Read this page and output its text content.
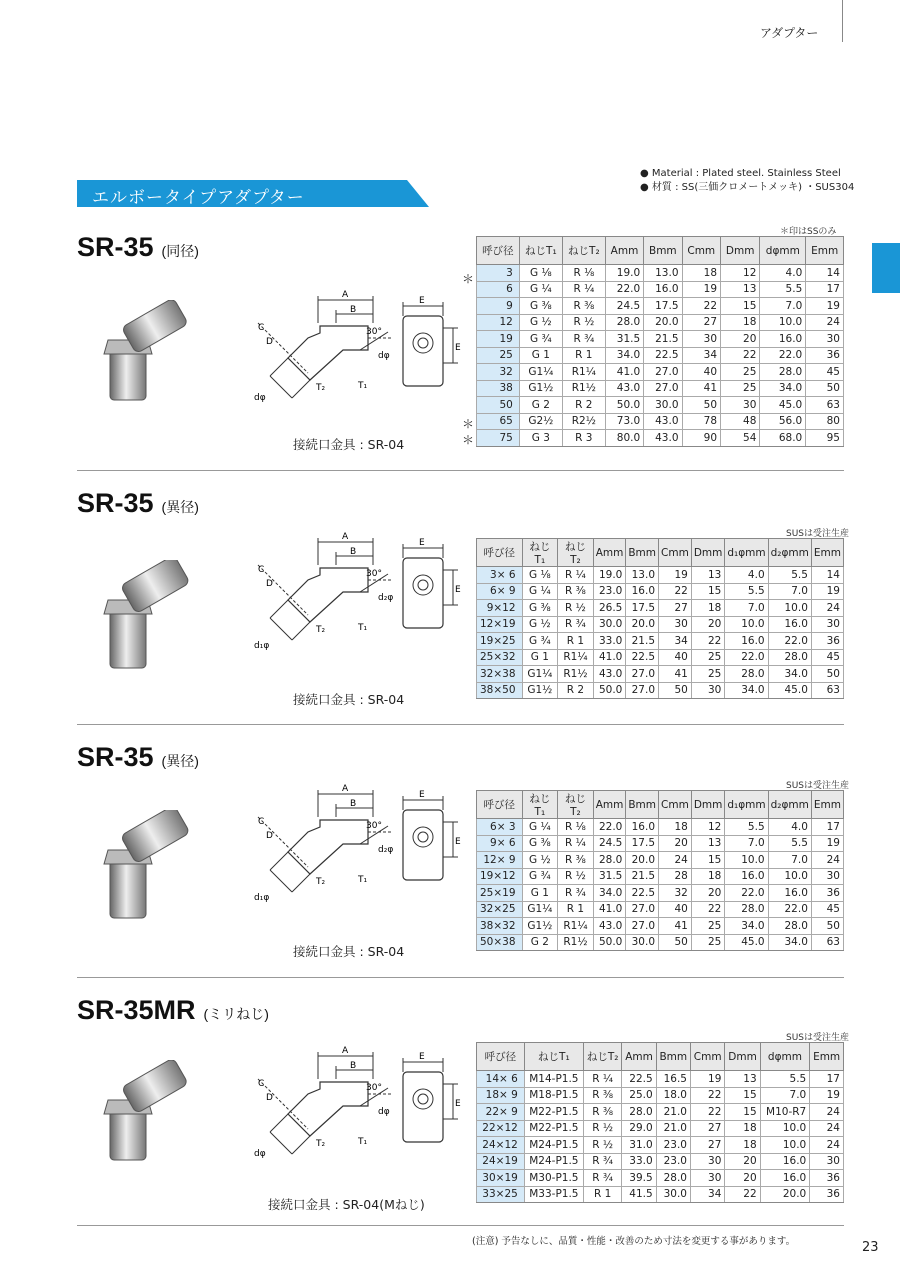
アダプター
エルボータイプアダプター
● Material : Plated steel. Stainless Steel
● 材質 : SS(三価クロメートメッキ) ・SUS304
SR-35 (同径)
＊印はSSのみ
＊
＊
＊
呼び径	ねじT₁	ねじT₂	Amm	Bmm	Cmm	Dmm	dφmm	Emm
3	G ⅛	R ⅛	19.0	13.0	18	12	4.0	14
6	G ¼	R ¼	22.0	16.0	19	13	5.5	17
9	G ⅜	R ⅜	24.5	17.5	22	15	7.0	19
12	G ½	R ½	28.0	20.0	27	18	10.0	24
19	G ¾	R ¾	31.5	21.5	30	20	16.0	30
25	G 1	R 1	34.0	22.5	34	22	22.0	36
32	G1¼	R1¼	41.0	27.0	40	25	28.0	45
38	G1½	R1½	43.0	27.0	41	25	34.0	50
50	G 2	R 2	50.0	30.0	50	30	45.0	63
65	G2½	R2½	73.0	43.0	78	48	56.0	80
75	G 3	R 3	80.0	43.0	90	54	68.0	95
接続口金具 : SR-04
SR-35 (異径)
SUSは受注生産
呼び径	ねじT₁	ねじT₂	Amm	Bmm	Cmm	Dmm	d₁φmm	d₂φmm	Emm
3× 6	G ⅛	R ¼	19.0	13.0	19	13	4.0	5.5	14
6× 9	G ¼	R ⅜	23.0	16.0	22	15	5.5	7.0	19
9×12	G ⅜	R ½	26.5	17.5	27	18	7.0	10.0	24
12×19	G ½	R ¾	30.0	20.0	30	20	10.0	16.0	30
19×25	G ¾	R 1	33.0	21.5	34	22	16.0	22.0	36
25×32	G 1	R1¼	41.0	22.5	40	25	22.0	28.0	45
32×38	G1¼	R1½	43.0	27.0	41	25	28.0	34.0	50
38×50	G1½	R 2	50.0	27.0	50	30	34.0	45.0	63
接続口金具 : SR-04
SR-35 (異径)
SUSは受注生産
呼び径	ねじT₁	ねじT₂	Amm	Bmm	Cmm	Dmm	d₁φmm	d₂φmm	Emm
6× 3	G ¼	R ⅛	22.0	16.0	18	12	5.5	4.0	17
9× 6	G ⅜	R ¼	24.5	17.5	20	13	7.0	5.5	19
12× 9	G ½	R ⅜	28.0	20.0	24	15	10.0	7.0	24
19×12	G ¾	R ½	31.5	21.5	28	18	16.0	10.0	30
25×19	G 1	R ¾	34.0	22.5	32	20	22.0	16.0	36
32×25	G1¼	R 1	41.0	27.0	40	22	28.0	22.0	45
38×32	G1½	R1¼	43.0	27.0	41	25	34.0	28.0	50
50×38	G 2	R1½	50.0	30.0	50	25	45.0	34.0	63
接続口金具 : SR-04
SR-35MR (ミリねじ)
SUSは受注生産
呼び径	ねじT₁	ねじT₂	Amm	Bmm	Cmm	Dmm	dφmm	Emm
14× 6	M14-P1.5	R ¼	22.5	16.5	19	13	5.5	17
18× 9	M18-P1.5	R ⅜	25.0	18.0	22	15	7.0	19
22× 9	M22-P1.5	R ⅜	28.0	21.0	22	15	M10-R7	24
22×12	M22-P1.5	R ½	29.0	21.0	27	18	10.0	24
24×12	M24-P1.5	R ½	31.0	23.0	27	18	10.0	24
24×19	M24-P1.5	R ¾	33.0	23.0	30	20	16.0	30
30×19	M30-P1.5	R ¾	39.5	28.0	30	20	16.0	36
33×25	M33-P1.5	R 1	41.5	30.0	34	22	20.0	36
接続口金具 : SR-04(Mねじ)
(注意) 予告なしに、品質・性能・改善のため寸法を変更する事があります。	23
A
B
C
D
30°
T₂	T₁
E
E
dφ
dφ
A
B
C
D
30°
T₂	T₁
E
E
d₂φ
d₁φ
A
B
C
D
30°
T₂	T₁
E
E
d₂φ
d₁φ
A
B
C
D
30°
T₂	T₁
E
E
dφ
dφ
